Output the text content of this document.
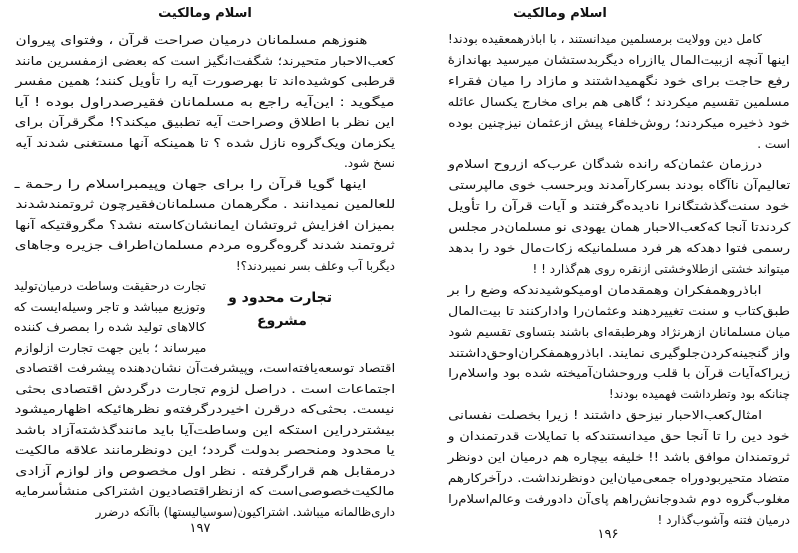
اسلام ومالکیت
تجارت محدود و
مشروع
۱۹۷
هنوزهم مسلمانان درمیان صراحت قرآن ، وفتوای پیروان
کعب‌الاحبار متحیرند؛ شگفت‌انگیز است که بعضی ازمفسرین مانند
قرطبی کوشیده‌اند تا بهرصورت آیه را تأویل کنند؛ همین مفسر
میگوید : این‌آیه راجع به مسلمانان فقیرصدراول بوده ! آیا
این نظر با اطلاق وصراحت آیه تطبیق میکند؟! مگرقرآن برای
یکزمان ویک‌گروه نازل شده ؟ تا همینکه آنها مستغنی شدند آیه
نسخ شود.
اینها گویا قرآن را برای جهان وپیمبراسلام را رحمة ـ
للعالمین نمیدانند . مگرهمان مسلمانان‌فقیرچون ثروتمندشدند
بمیزان افزایش ثروتشان ایمانشان‌کاسته نشد؟ مگروقتیکه آنها
ثروتمند شدند گروه‌گروه مردم مسلمان‌اطراف جزیره وجاهای
دیگربا آب وعلف بسر نمیبردند؟!
تجارت درحقیقت وساطت درمیان‌تولید
وتوزیع میباشد و تاجر وسیله‌ایست که
کالاهای تولید شده را بمصرف کننده
میرساند ؛ باین جهت تجارت ازلوازم
اقتصاد توسعه‌یافته‌است، وپیشرفت‌آن نشان‌دهنده پیشرفت اقتصادی
اجتماعات است . دراصل لزوم تجارت درگردش اقتصادی بحثی
نیست. بحثی‌که درقرن اخیردرگرفته‌و نظرهائیکه اظهارمیشود
بیشتردراین استکه این وساطت‌آیا باید مانندگذشته‌آزاد باشد
یا محدود ومنحصر بدولت گردد؛ این دونظرمانند علاقه مالکیت
درمقابل هم قرارگرفته . نظر اول مخصوص واز لوازم آزادی
مالکیت‌خصوصی‌است که ازنظراقتصادیون اشتراکی منشأسرمایه‌
داری‌ظالمانه میباشد. اشتراکیون(سوسیالیستها) باآنکه درضرر
اسلام ومالکیت
۱۹۶
کامل دین وولایت برمسلمین میدانستند ، با اباذرهمعقیده بودند!
اینها آنچه ازبیت‌المال یاازراه دیگربدستشان میرسید بهاندازهٔ
رفع حاجت برای خود نگهمیداشتند و مازاد را میان فقراء
مسلمین تقسیم میکردند ؛ گاهی هم برای مخارج یکسال عائله
خود ذخیره میکردند؛ روش‌خلفاء پیش ازعثمان نیزچنین بوده
است .
درزمان عثمان‌که رانده شدگان عرب‌که ازروح اسلام‌و
تعالیم‌آن ناآگاه بودند بسرکارآمدند وبرحسب خوی مالپرستی
خود سنت‌گذشتگانرا نادیده‌گرفتند و آیات قرآن را تأویل
کردندتا آنجا که‌کعب‌الاحبار همان یهودی نو مسلمان‌در مجلس
رسمی فتوا دهدکه هر فرد مسلمانیکه زکات‌مال خود را بدهد
میتواند خشتی ازطلاوخشتی ازنقره روی هم‌گذارد ! !
اباذروهمفکران وهمقدمان اومیکوشیدندکه وضع را بر
طبق‌کتاب و سنت تغییردهند وعثمان‌را وادارکنند تا بیت‌المال
میان مسلمانان ازهرنژاد وهرطبقه‌ای باشند بتساوی تقسیم شود
واز گنجینه‌کردن‌جلوگیری نمایند. اباذروهمفکران‌اوحق‌داشتند
زیراکه‌آیات قرآن با قلب ورو‌حشان‌آمیخته شده بود واسلام‌را
چنانکه بود وتطرداشت فهمیده بودند!
امثال‌کعب‌الاحبار نیزحق داشتند ! زیرا بخصلت نفسانی
خود دین را تا آنجا حق میدانستندکه با تمایلات قدرتمندان و
ثروتمندان موافق باشد !! خلیفه بیچاره هم درمیان این دونظر
متضاد متحیربودوراه جمعی‌میان‌این دونظرنداشت. درآخرکارهم
مغلوب‌گروه دوم شدوجانش‌راهم پای‌آن دادورفت وعالم‌اسلام‌را
درمیان فتنه وآشوب‌گذارد !
